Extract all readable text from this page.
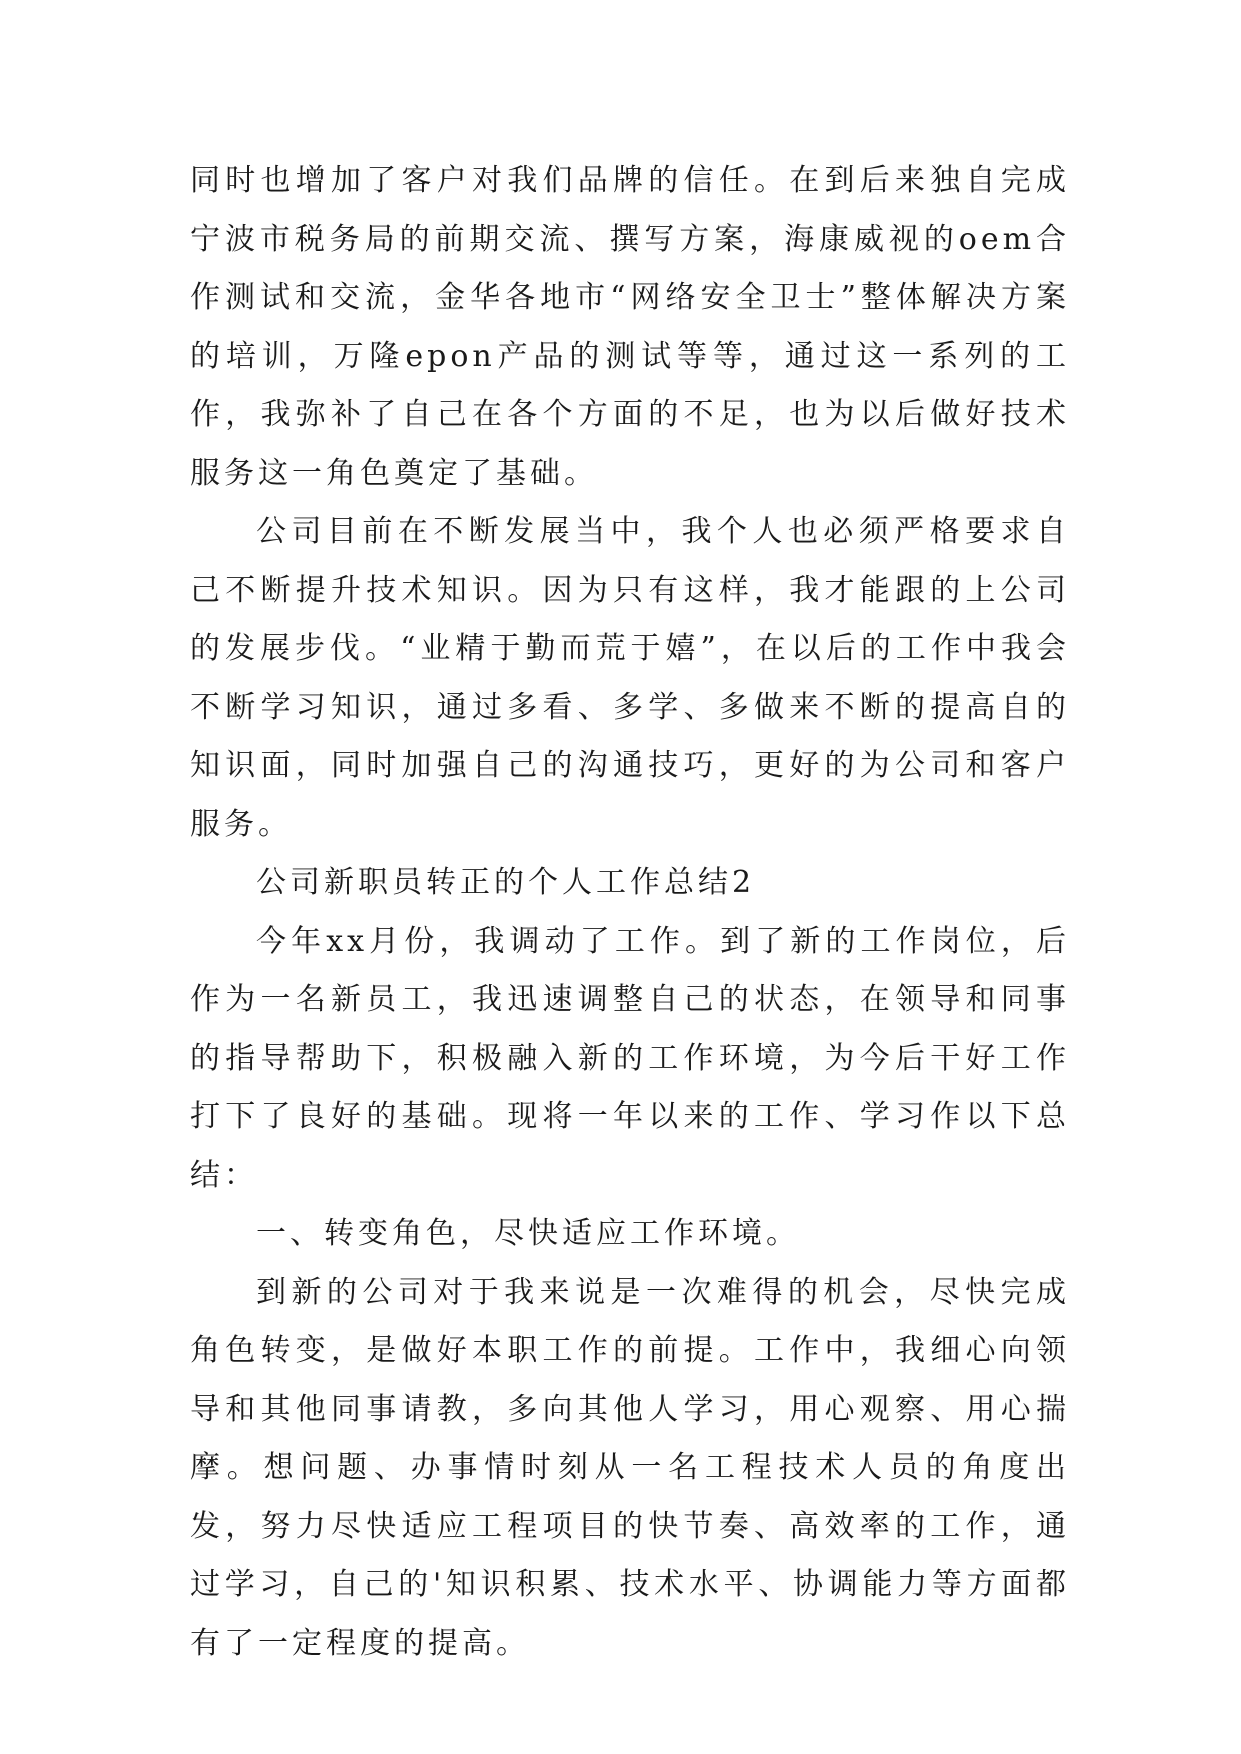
同时也增加了客户对我们品牌的信任。在到后来独自完成宁波市税务局的前期交流、撰写方案，海康威视的oem合作测试和交流，金华各地市“网络安全卫士”整体解决方案的培训，万隆epon产品的测试等等，通过这一系列的工作，我弥补了自己在各个方面的不足，也为以后做好技术服务这一角色奠定了基础。

公司目前在不断发展当中，我个人也必须严格要求自己不断提升技术知识。因为只有这样，我才能跟的上公司的发展步伐。“业精于勤而荒于嬉”，在以后的工作中我会不断学习知识，通过多看、多学、多做来不断的提高自的知识面，同时加强自己的沟通技巧，更好的为公司和客户服务。

公司新职员转正的个人工作总结2

今年xx月份，我调动了工作。到了新的工作岗位，后作为一名新员工，我迅速调整自己的状态，在领导和同事的指导帮助下，积极融入新的工作环境，为今后干好工作打下了良好的基础。现将一年以来的工作、学习作以下总结：

一、转变角色，尽快适应工作环境。

到新的公司对于我来说是一次难得的机会，尽快完成角色转变，是做好本职工作的前提。工作中，我细心向领导和其他同事请教，多向其他人学习，用心观察、用心揣摩。想问题、办事情时刻从一名工程技术人员的角度出发，努力尽快适应工程项目的快节奏、高效率的工作，通过学习，自己的'知识积累、技术水平、协调能力等方面都有了一定程度的提高。
